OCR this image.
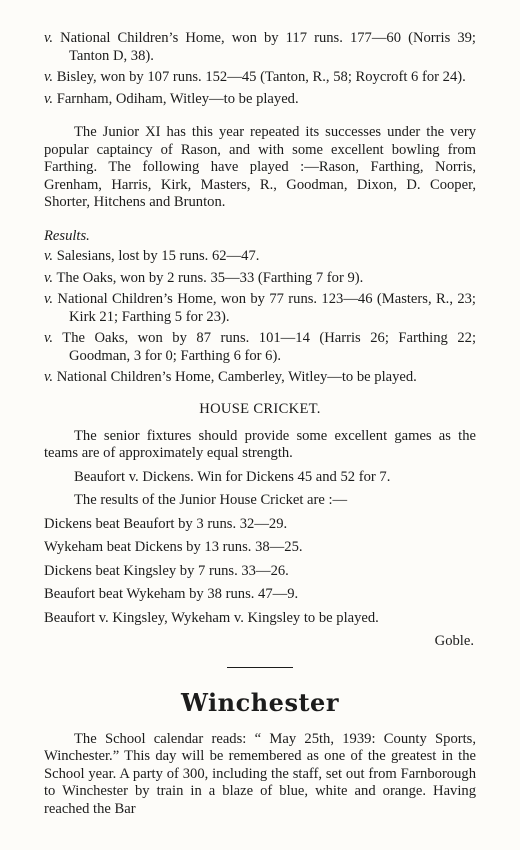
v. National Children’s Home, won by 117 runs. 177—60 (Norris 39; Tanton D, 38).

v. Bisley, won by 107 runs. 152—45 (Tanton, R., 58; Roycroft 6 for 24).

v. Farnham, Odiham, Witley—to be played.

The Junior XI has this year repeated its successes under the very popular captaincy of Rason, and with some excellent bowling from Farthing. The following have played :—Rason, Farthing, Norris, Grenham, Harris, Kirk, Masters, R., Goodman, Dixon, D. Cooper, Shorter, Hitchens and Brunton.

Results.

v. Salesians, lost by 15 runs. 62—47.

v. The Oaks, won by 2 runs. 35—33 (Farthing 7 for 9).

v. National Children’s Home, won by 77 runs. 123—46 (Masters, R., 23; Kirk 21; Farthing 5 for 23).

v. The Oaks, won by 87 runs. 101—14 (Harris 26; Farthing 22; Goodman, 3 for 0; Farthing 6 for 6).

v. National Children’s Home, Camberley, Witley—to be played.

HOUSE CRICKET.

The senior fixtures should provide some excellent games as the teams are of approximately equal strength.

Beaufort v. Dickens. Win for Dickens 45 and 52 for 7.

The results of the Junior House Cricket are :—

Dickens beat Beaufort by 3 runs. 32—29.

Wykeham beat Dickens by 13 runs. 38—25.

Dickens beat Kingsley by 7 runs. 33—26.

Beaufort beat Wykeham by 38 runs. 47—9.

Beaufort v. Kingsley, Wykeham v. Kingsley to be played.

Goble.

Winchester

The School calendar reads: “ May 25th, 1939: County Sports, Winchester.” This day will be remembered as one of the greatest in the School year. A party of 300, including the staff, set out from Farnborough to Winchester by train in a blaze of blue, white and orange. Having reached the Bar
